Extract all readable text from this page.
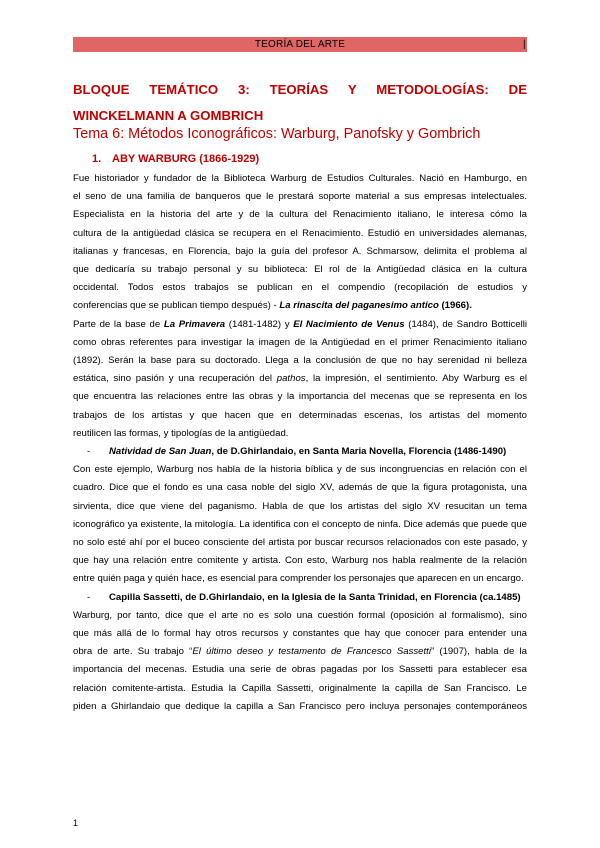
TEORÍA DEL ARTE	|
BLOQUE TEMÁTICO 3: TEORÍAS Y METODOLOGÍAS: DE WINCKELMANN A GOMBRICH
Tema 6: Métodos Iconográficos: Warburg, Panofsky y Gombrich
1. ABY WARBURG (1866-1929)

Fue historiador y fundador de la Biblioteca Warburg de Estudios Culturales. Nació en Hamburgo, en
el seno de una familia de banqueros que le prestará soporte material a sus empresas intelectuales.
Especialista en la historia del arte y de la cultura del Renacimiento italiano, le interesa cómo la
cultura de la antigüedad clásica se recupera en el Renacimiento. Estudió en universidades alemanas,
italianas y francesas, en Florencia, bajo la guía del profesor A. Schmarsow, delimita el problema al
que dedicaría su trabajo personal y su biblioteca: El rol de la Antigüedad clásica en la cultura
occidental. Todos estos trabajos se publican en el compendio (recopilación de estudios y
conferencias que se publican tiempo después) - La rinascita del paganesimo antico (1966).

Parte de la base de La Primavera (1481-1482) y El Nacimiento de Venus (1484), de Sandro Botticelli
como obras referentes para investigar la imagen de la Antigüedad en el primer Renacimiento italiano
(1892). Serán la base para su doctorado. Llega a la conclusión de que no hay serenidad ni belleza
estática, sino pasión y una recuperación del pathos, la impresión, el sentimiento. Aby Warburg es el
que encuentra las relaciones entre las obras y la importancia del mecenas que se representa en los
trabajos de los artistas y que hacen que en determinadas escenas, los artistas del momento
reutilicen las formas, y tipologías de la antigüedad.

- Natividad de San Juan, de D.Ghirlandaio, en Santa Maria Novella, Florencia (1486-1490)

Con este ejemplo, Warburg nos habla de la historia bíblica y de sus incongruencias en relación con el
cuadro. Dice que el fondo es una casa noble del siglo XV, además de que la figura protagonista, una
sirvienta, dice que viene del paganismo. Habla de que los artistas del siglo XV resucitan un tema
iconográfico ya existente, la mitología. La identifica con el concepto de ninfa. Dice además que puede que
no solo esté ahí por el buceo consciente del artista por buscar recursos relacionados con este pasado, y
que hay una relación entre comitente y artista. Con esto, Warburg nos habla realmente de la relación
entre quién paga y quién hace, es esencial para comprender los personajes que aparecen en un encargo.

- Capilla Sassetti, de D.Ghirlandaio, en la Iglesia de la Santa Trinidad, en Florencia (ca.1485)

Warburg, por tanto, dice que el arte no es solo una cuestión formal (oposición al formalismo), sino
que más allá de lo formal hay otros recursos y constantes que hay que conocer para entender una
obra de arte. Su trabajo “El último deseo y testamento de Francesco Sassetti” (1907), habla de la
importancia del mecenas. Estudia una serie de obras pagadas por los Sassetti para establecer esa
relación comitente-artista. Estudia la Capilla Sassetti, originalmente la capilla de San Francisco. Le
piden a Ghirlandaio que dedique la capilla a San Francisco pero incluya personajes contemporáneos

1
